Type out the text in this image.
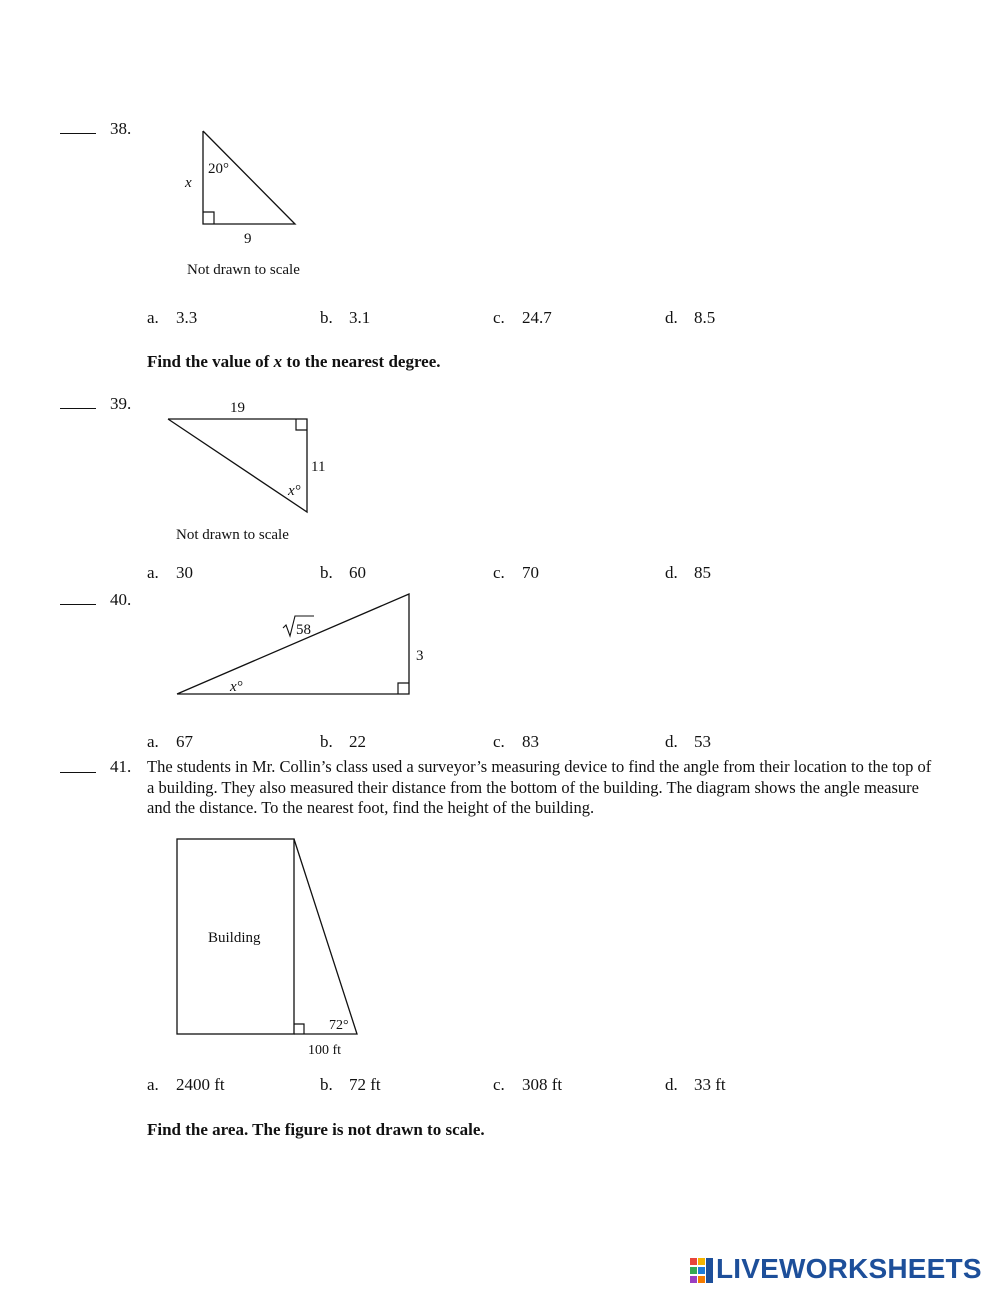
38.
20°
x
9
Not drawn to scale
a. 3.3	b. 3.1	c. 24.7	d. 8.5
Find the value of x to the nearest degree.
39.	19
11
x°
Not drawn to scale
a. 30	b. 60	c. 70	d. 85
40.
58
3
x°
a. 67	b. 22	c. 83	d. 53
41. The students in Mr. Collin’s class used a surveyor’s measuring device to find the angle from their location to the top of a building. They also measured their distance from the bottom of the building. The diagram shows the angle measure and the distance. To the nearest foot, find the height of the building.
Building
72°
100 ft
a. 2400 ft	b. 72 ft	c. 308 ft	d. 33 ft
Find the area. The figure is not drawn to scale.
LIVEWORKSHEETS
